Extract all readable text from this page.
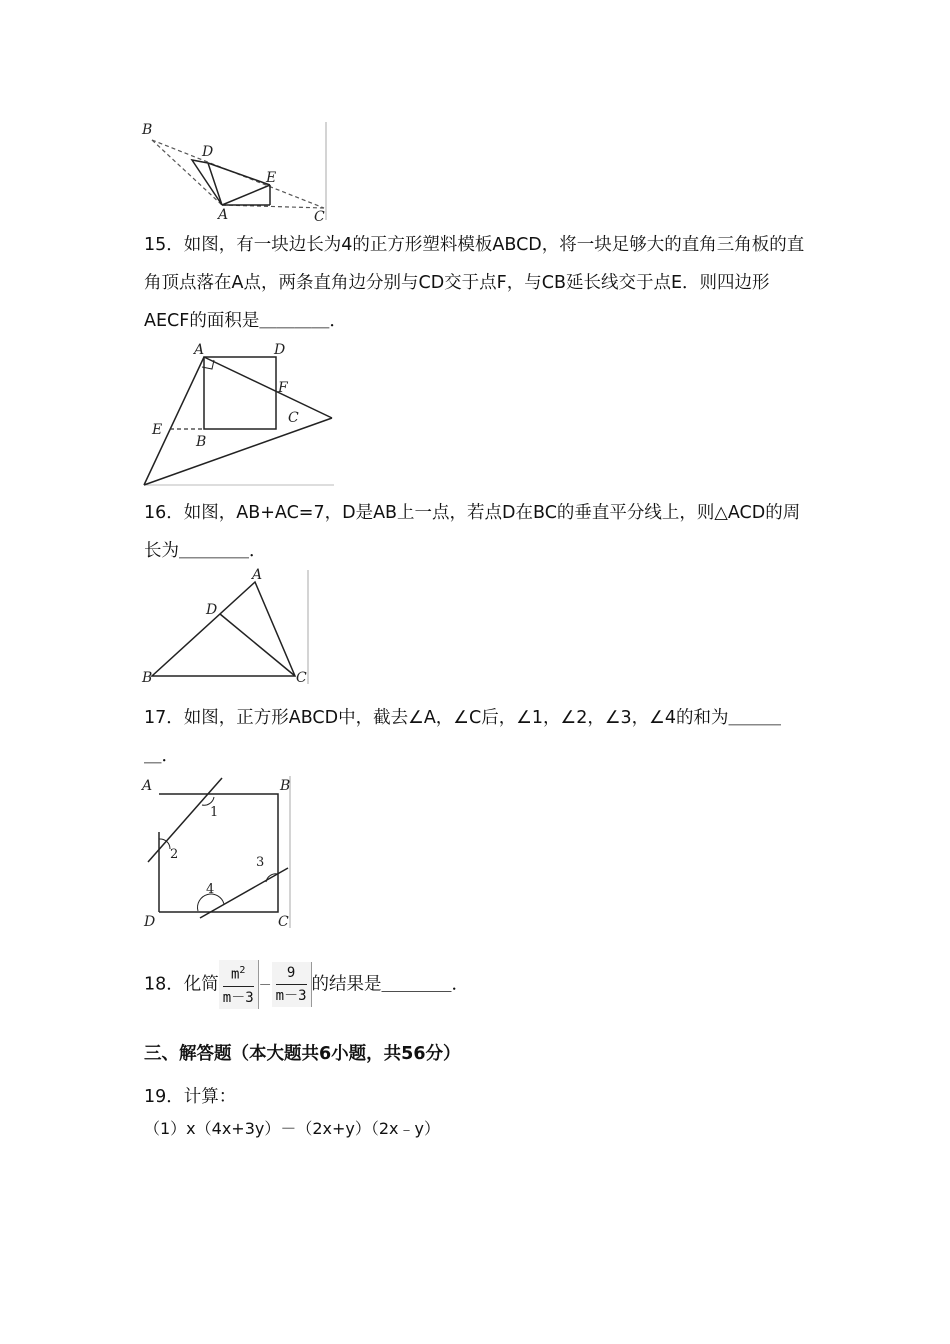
B
D
E
A	C
15．如图，有一块边长为4的正方形塑料模板ABCD，将一块足够大的直角三角板的直角顶点落在A点，两条直角边分别与CD交于点F，与CB延长线交于点E．则四边形AECF的面积是＿＿＿＿．
A	D
F
C
E
B
16．如图，AB+AC=7，D是AB上一点，若点D在BC的垂直平分线上，则△ACD的周长为＿＿＿＿．
A
D
B	C
17．如图，正方形ABCD中，截去∠A，∠C后，∠1，∠2，∠3，∠4的和为＿＿＿＿．
A	B
D	C
1
2
3
4
18．化简 $\frac{m^2}{m-3} - \frac{9}{m-3}$ 的结果是＿＿＿＿．
三、解答题（本大题共6小题，共56分）
19．计算：
（1）x（4x+3y）－（2x+y）（2x﹣y）
